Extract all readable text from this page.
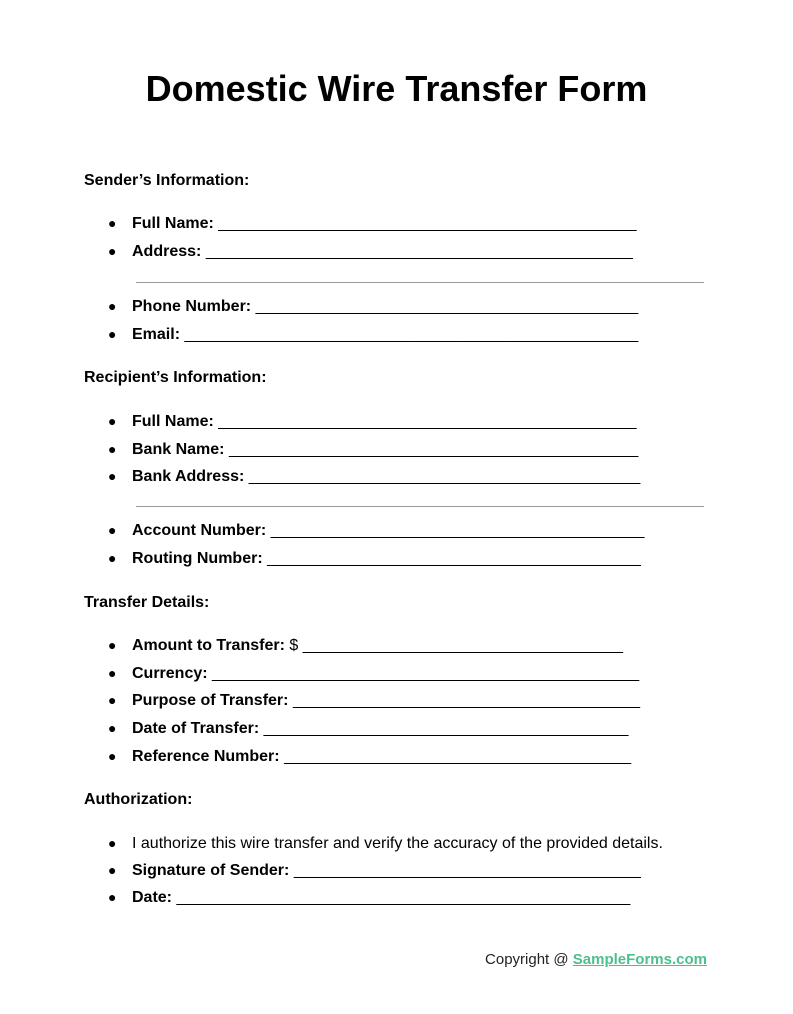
Domestic Wire Transfer Form
Sender’s Information:
● Full Name: _______________________________________________
● Address: ________________________________________________
● Phone Number: ___________________________________________
● Email: ___________________________________________________
Recipient’s Information:
● Full Name: _______________________________________________
● Bank Name: ______________________________________________
● Bank Address: ____________________________________________
● Account Number: __________________________________________
● Routing Number: __________________________________________
Transfer Details:
● Amount to Transfer: $ ____________________________________
● Currency: ________________________________________________
● Purpose of Transfer: _______________________________________
● Date of Transfer: _________________________________________
● Reference Number: _______________________________________
Authorization:
● I authorize this wire transfer and verify the accuracy of the provided details.
● Signature of Sender: _______________________________________
● Date: ___________________________________________________
Copyright @ SampleForms.com
